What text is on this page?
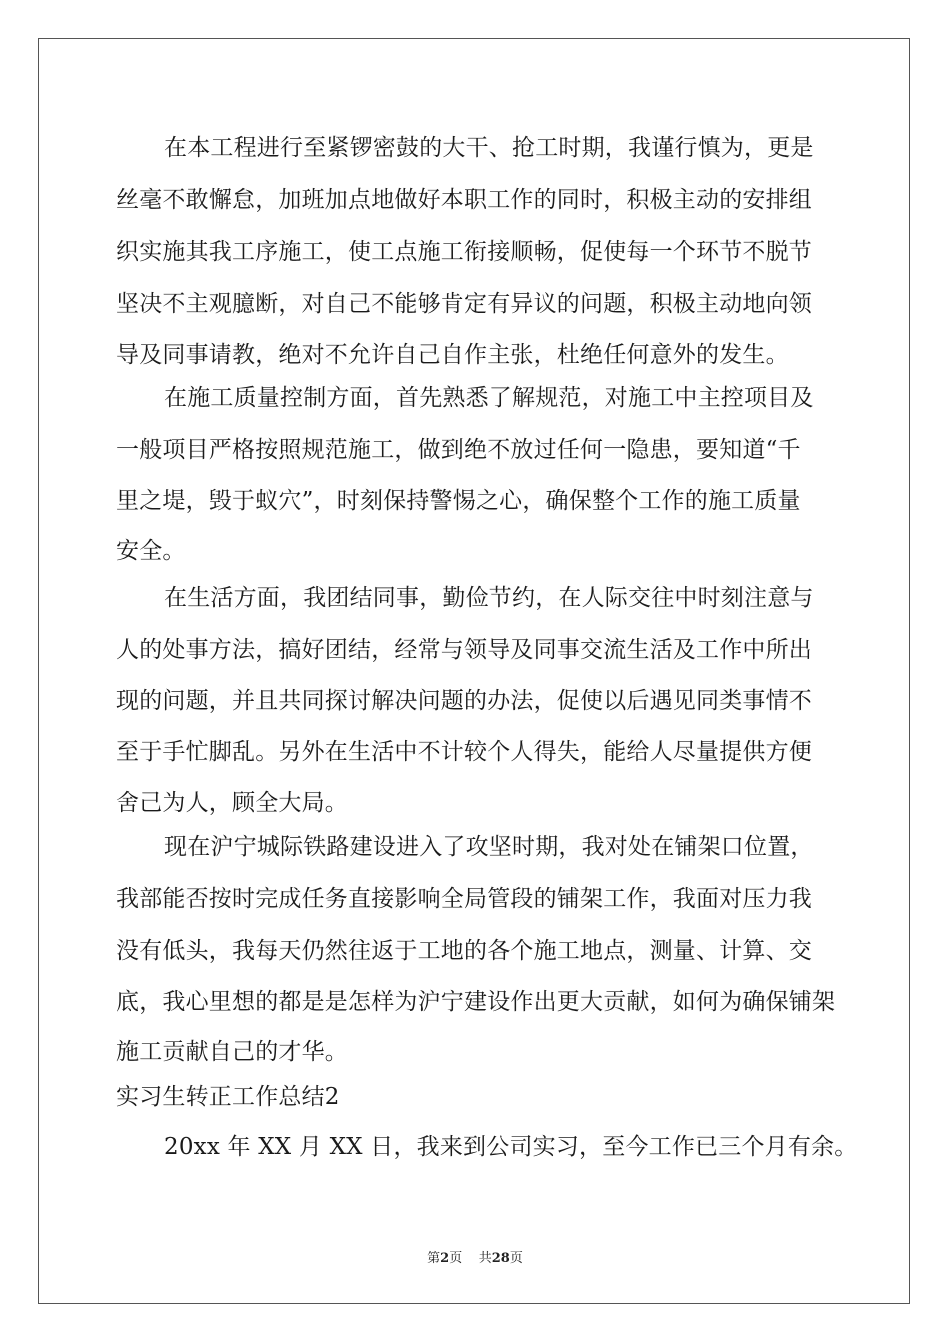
在本工程进行至紧锣密鼓的大干、抢工时期，我谨行慎为，更是
丝毫不敢懈怠，加班加点地做好本职工作的同时，积极主动的安排组
织实施其我工序施工，使工点施工衔接顺畅，促使每一个环节不脱节
坚决不主观臆断，对自己不能够肯定有异议的问题，积极主动地向领
导及同事请教，绝对不允许自己自作主张，杜绝任何意外的发生。
在施工质量控制方面，首先熟悉了解规范，对施工中主控项目及
一般项目严格按照规范施工，做到绝不放过任何一隐患，要知道“千
里之堤，毁于蚁穴”，时刻保持警惕之心，确保整个工作的施工质量
安全。
在生活方面，我团结同事，勤俭节约，在人际交往中时刻注意与
人的处事方法，搞好团结，经常与领导及同事交流生活及工作中所出
现的问题，并且共同探讨解决问题的办法，促使以后遇见同类事情不
至于手忙脚乱。另外在生活中不计较个人得失，能给人尽量提供方便
舍己为人，顾全大局。
现在沪宁城际铁路建设进入了攻坚时期，我对处在铺架口位置，
我部能否按时完成任务直接影响全局管段的铺架工作，我面对压力我
没有低头，我每天仍然往返于工地的各个施工地点，测量、计算、交
底，我心里想的都是是怎样为沪宁建设作出更大贡献，如何为确保铺架
施工贡献自己的才华。
实习生转正工作总结2
20xx 年 XX 月 XX 日，我来到公司实习，至今工作已三个月有余。
第2页 共28页
